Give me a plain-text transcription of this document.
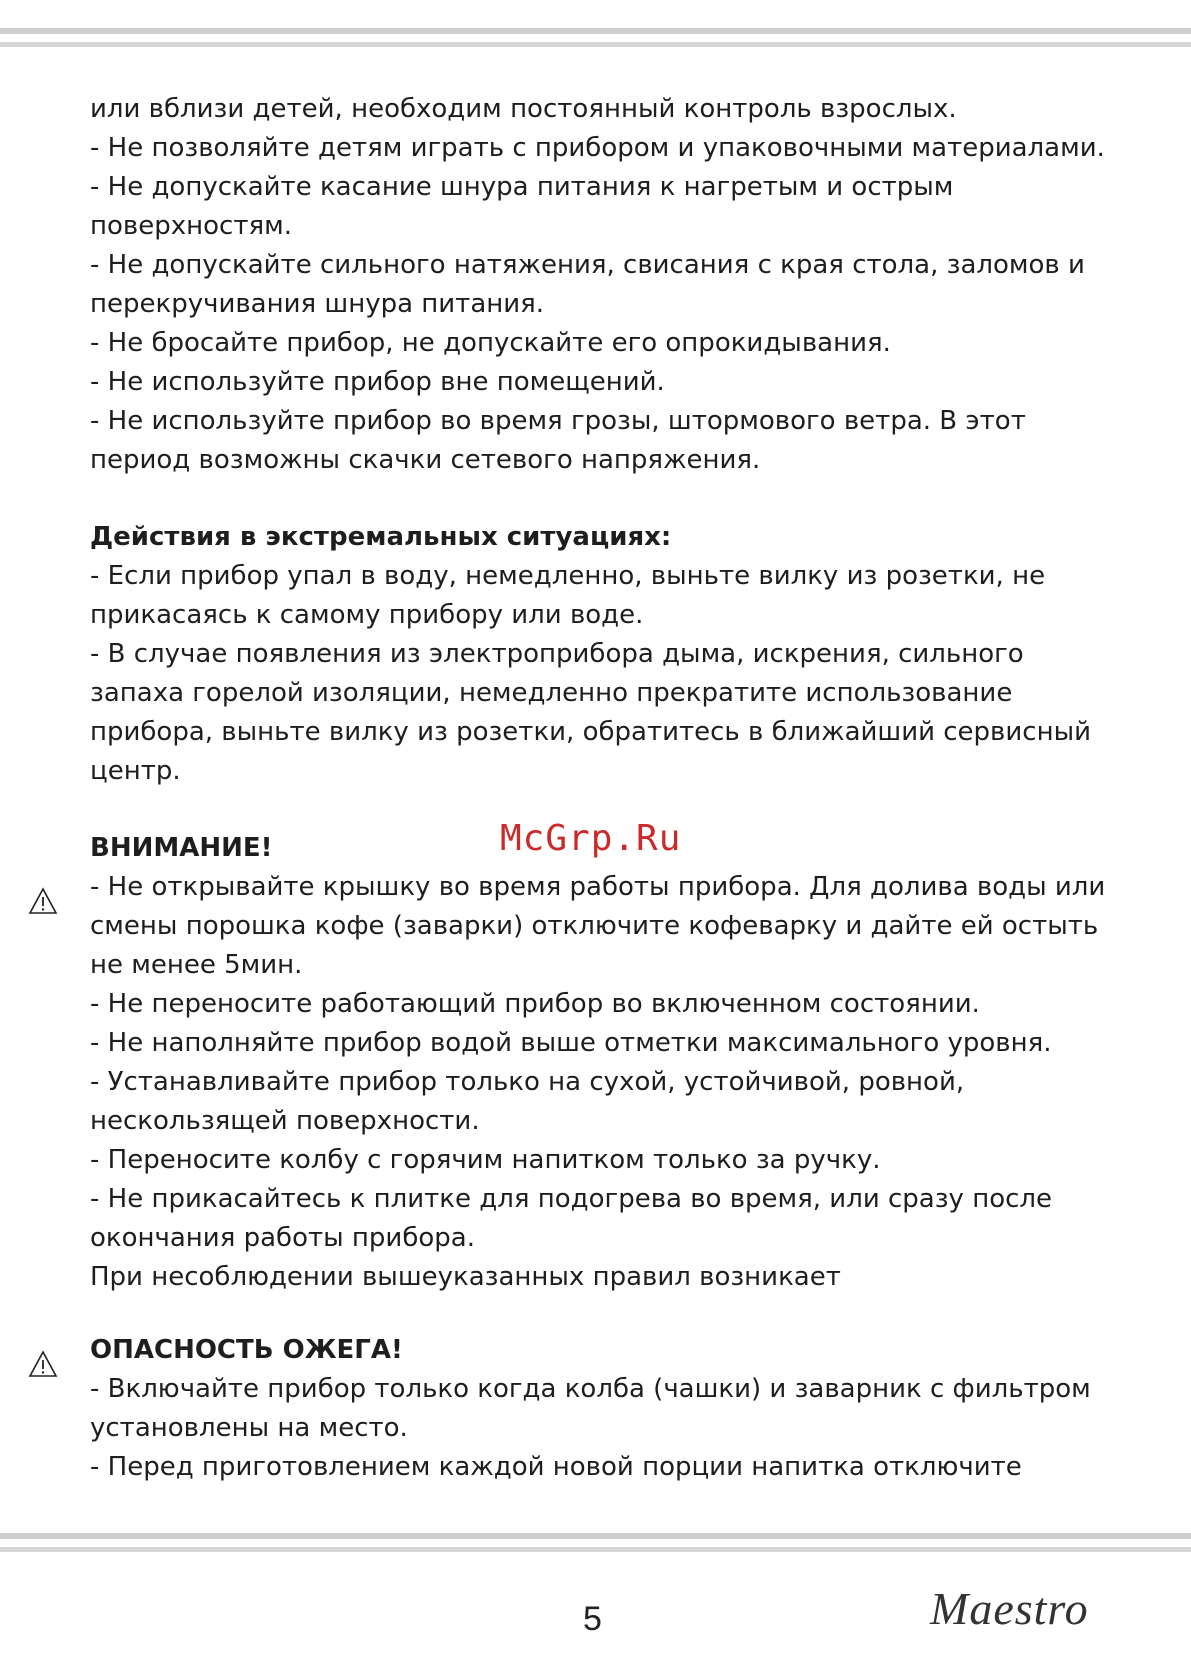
или вблизи детей, необходим постоянный контроль взрослых.

- Не позволяйте детям играть с прибором и упаковочными материалами.

- Не допускайте касание шнура питания к нагретым и острым

поверхностям.

- Не допускайте сильного натяжения, свисания с края стола, заломов и

перекручивания шнура питания.

- Не бросайте прибор, не допускайте его опрокидывания.

- Не используйте прибор вне помещений.

- Не используйте прибор во время грозы, штормового ветра. В этот

период возможны скачки сетевого напряжения.

Действия в экстремальных ситуациях:

- Если прибор упал в воду, немедленно, выньте вилку из розетки, не

прикасаясь к самому прибору или воде.

- В случае появления из электроприбора дыма, искрения, сильного

запаха горелой изоляции, немедленно прекратите использование

прибора, выньте вилку из розетки, обратитесь в ближайший сервисный

центр.

ВНИМАНИЕ!

- Не открывайте крышку во время работы прибора. Для долива воды или

смены порошка кофе (заварки) отключите кофеварку и дайте ей остыть

не менее 5мин.

- Не переносите работающий прибор во включенном состоянии.

- Не наполняйте прибор водой выше отметки максимального уровня.

- Устанавливайте прибор только на сухой, устойчивой, ровной,

нескользящей поверхности.

- Переносите колбу с горячим напитком только за ручку.

- Не прикасайтесь к плитке для подогрева во время, или сразу после

окончания работы прибора.

При несоблюдении вышеуказанных правил возникает

ОПАСНОСТЬ ОЖЕГА!

- Включайте прибор только когда колба (чашки) и заварник с фильтром

установлены на место.

- Перед приготовлением каждой новой порции напитка отключите

McGrp.Ru
5	Maestro
